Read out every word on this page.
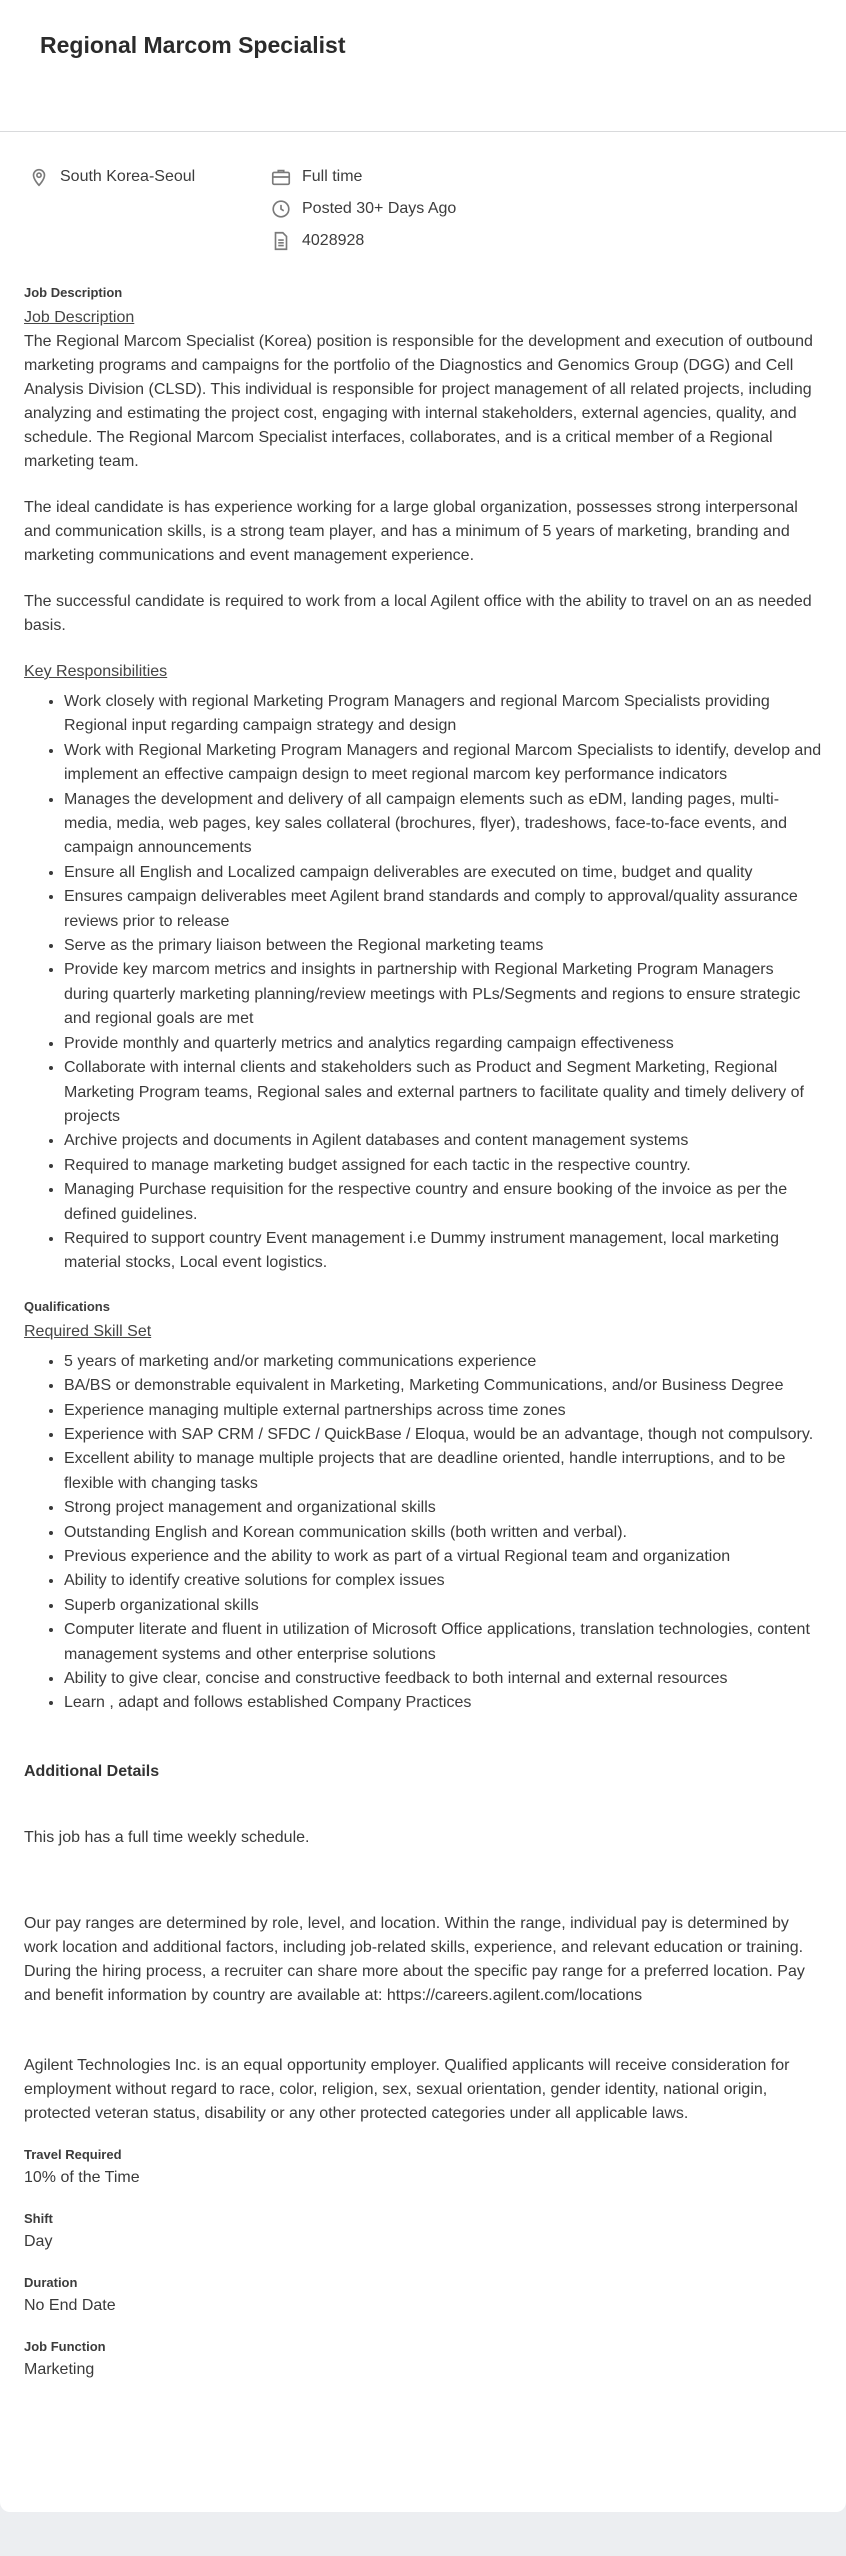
Regional Marcom Specialist
South Korea-Seoul	Full time
Posted 30+ Days Ago
4028928

Job Description

Job Description

The Regional Marcom Specialist (Korea) position is responsible for the development and execution of outbound marketing programs and campaigns for the portfolio of the Diagnostics and Genomics Group (DGG) and Cell Analysis Division (CLSD). This individual is responsible for project management of all related projects, including analyzing and estimating the project cost, engaging with internal stakeholders, external agencies, quality, and schedule. The Regional Marcom Specialist interfaces, collaborates, and is a critical member of a Regional marketing team.

The ideal candidate is has experience working for a large global organization, possesses strong interpersonal and communication skills, is a strong team player, and has a minimum of 5 years of marketing, branding and marketing communications and event management experience.

The successful candidate is required to work from a local Agilent office with the ability to travel on an as needed basis.

Key Responsibilities

• Work closely with regional Marketing Program Managers and regional Marcom Specialists providing Regional input regarding campaign strategy and design
• Work with Regional Marketing Program Managers and regional Marcom Specialists to identify, develop and implement an effective campaign design to meet regional marcom key performance indicators
• Manages the development and delivery of all campaign elements such as eDM, landing pages, multi-media, media, web pages, key sales collateral (brochures, flyer), tradeshows, face-to-face events, and campaign announcements
• Ensure all English and Localized campaign deliverables are executed on time, budget and quality
• Ensures campaign deliverables meet Agilent brand standards and comply to approval/quality assurance reviews prior to release
• Serve as the primary liaison between the Regional marketing teams
• Provide key marcom metrics and insights in partnership with Regional Marketing Program Managers during quarterly marketing planning/review meetings with PLs/Segments and regions to ensure strategic and regional goals are met
• Provide monthly and quarterly metrics and analytics regarding campaign effectiveness
• Collaborate with internal clients and stakeholders such as Product and Segment Marketing, Regional Marketing Program teams, Regional sales and external partners to facilitate quality and timely delivery of projects
• Archive projects and documents in Agilent databases and content management systems
• Required to manage marketing budget assigned for each tactic in the respective country.
• Managing Purchase requisition for the respective country and ensure booking of the invoice as per the defined guidelines.
• Required to support country Event management i.e Dummy instrument management, local marketing material stocks, Local event logistics.

Qualifications

Required Skill Set

• 5 years of marketing and/or marketing communications experience
• BA/BS or demonstrable equivalent in Marketing, Marketing Communications, and/or Business Degree
• Experience managing multiple external partnerships across time zones
• Experience with SAP CRM / SFDC / QuickBase / Eloqua, would be an advantage, though not compulsory.
• Excellent ability to manage multiple projects that are deadline oriented, handle interruptions, and to be flexible with changing tasks
• Strong project management and organizational skills
• Outstanding English and Korean communication skills (both written and verbal).
• Previous experience and the ability to work as part of a virtual Regional team and organization
• Ability to identify creative solutions for complex issues
• Superb organizational skills
• Computer literate and fluent in utilization of Microsoft Office applications, translation technologies, content management systems and other enterprise solutions
• Ability to give clear, concise and constructive feedback to both internal and external resources
• Learn , adapt and follows established Company Practices

Additional Details

This job has a full time weekly schedule.

Our pay ranges are determined by role, level, and location. Within the range, individual pay is determined by work location and additional factors, including job-related skills, experience, and relevant education or training. During the hiring process, a recruiter can share more about the specific pay range for a preferred location. Pay and benefit information by country are available at: https://careers.agilent.com/locations

Agilent Technologies Inc. is an equal opportunity employer. Qualified applicants will receive consideration for employment without regard to race, color, religion, sex, sexual orientation, gender identity, national origin, protected veteran status, disability or any other protected categories under all applicable laws.

Travel Required

10% of the Time

Shift

Day

Duration

No End Date

Job Function

Marketing
